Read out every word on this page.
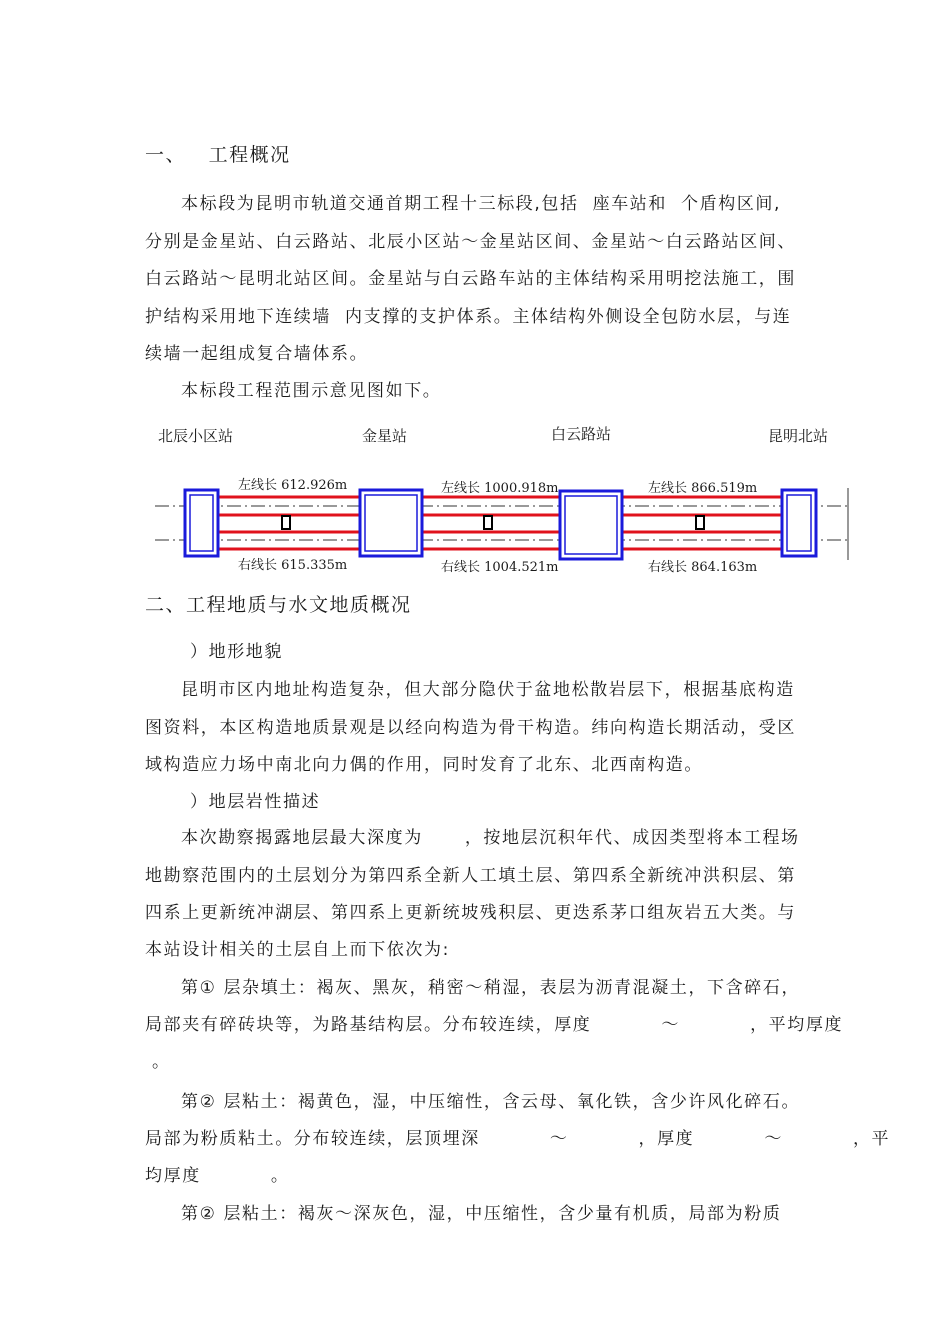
一、   工程概况
本标段为昆明市轨道交通首期工程十三标段,包括  座车站和  个盾构区间,
分别是金星站、白云路站、北辰小区站～金星站区间、金星站～白云路站区间、
白云路站～昆明北站区间。金星站与白云路车站的主体结构采用明挖法施工，围
护结构采用地下连续墙  内支撑的支护体系。主体结构外侧设全包防水层，与连
续墙一起组成复合墙体系。
本标段工程范围示意见图如下。
北辰小区站	金星站	白云路站	昆明北站
左线长 612.926m	左线长 1000.918m	左线长 866.519m
右线长 615.335m	右线长 1004.521m	右线长 864.163m
二、工程地质与水文地质概况
）地形地貌
昆明市区内地址构造复杂，但大部分隐伏于盆地松散岩层下，根据基底构造
图资料，本区构造地质景观是以经向构造为骨干构造。纬向构造长期活动，受区
域构造应力场中南北向力偶的作用，同时发育了北东、北西南构造。
）地层岩性描述
本次勘察揭露地层最大深度为      ，按地层沉积年代、成因类型将本工程场
地勘察范围内的土层划分为第四系全新人工填土层、第四系全新统冲洪积层、第
四系上更新统冲湖层、第四系上更新统坡残积层、更迭系茅口组灰岩五大类。与
本站设计相关的土层自上而下依次为:
第① 层杂填土：褐灰、黑灰，稍密～稍湿，表层为沥青混凝土，下含碎石，
局部夹有碎砖块等，为路基结构层。分布较连续，厚度          ～          ，平均厚度
。
第② 层粘土：褐黄色，湿，中压缩性，含云母、氧化铁，含少许风化碎石。
局部为粉质粘土。分布较连续，层顶埋深          ～          ，厚度          ～          ，平
均厚度          。
第② 层粘土：褐灰～深灰色，湿，中压缩性，含少量有机质，局部为粉质
